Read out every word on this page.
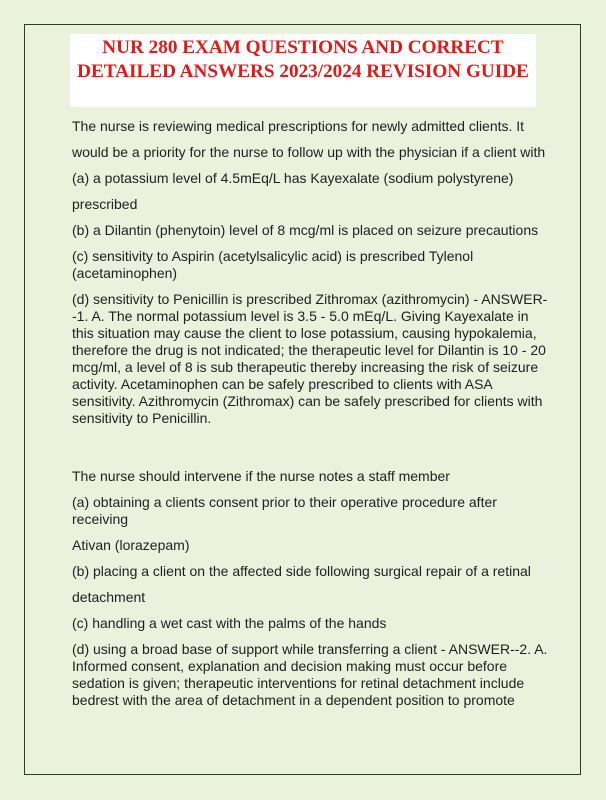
NUR 280 EXAM QUESTIONS AND CORRECT DETAILED ANSWERS 2023/2024 REVISION GUIDE

The nurse is reviewing medical prescriptions for newly admitted clients. It

would be a priority for the nurse to follow up with the physician if a client with

(a) a potassium level of 4.5mEq/L has Kayexalate (sodium polystyrene)

prescribed

(b) a Dilantin (phenytoin) level of 8 mcg/ml is placed on seizure precautions

(c) sensitivity to Aspirin (acetylsalicylic acid) is prescribed Tylenol (acetaminophen)

(d) sensitivity to Penicillin is prescribed Zithromax (azithromycin) - ANSWER--1. A. The normal potassium level is 3.5 - 5.0 mEq/L. Giving Kayexalate in this situation may cause the client to lose potassium, causing hypokalemia, therefore the drug is not indicated; the therapeutic level for Dilantin is 10 - 20 mcg/ml, a level of 8 is sub therapeutic thereby increasing the risk of seizure activity. Acetaminophen can be safely prescribed to clients with ASA sensitivity. Azithromycin (Zithromax) can be safely prescribed for clients with sensitivity to Penicillin.

The nurse should intervene if the nurse notes a staff member

(a) obtaining a clients consent prior to their operative procedure after receiving

Ativan (lorazepam)

(b) placing a client on the affected side following surgical repair of a retinal

detachment

(c) handling a wet cast with the palms of the hands

(d) using a broad base of support while transferring a client - ANSWER--2. A. Informed consent, explanation and decision making must occur before sedation is given; therapeutic interventions for retinal detachment include bedrest with the area of detachment in a dependent position to promote
